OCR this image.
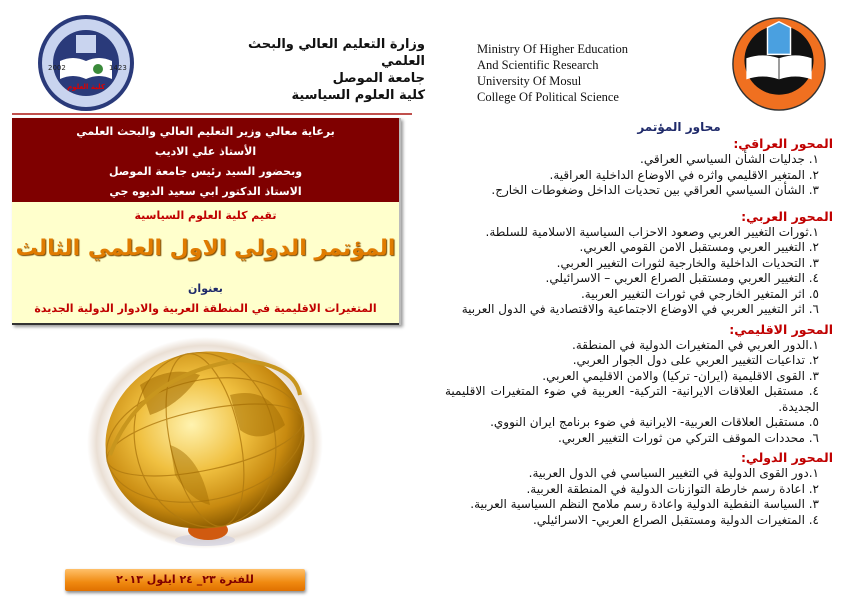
2002	1423
كلية العلوم
وزارة التعليم العالي والبحث العلمي
جامعة الموصل
كلية العلوم السياسية
Ministry Of Higher Education
And Scientific Research
University Of Mosul
College Of Political Science
برعاية معالي وزير التعليم العالي والبحث العلمي
الأستاذ علي الاديب
وبحضور السيد رئيس جامعة الموصل
الاستاذ الدكتور ابي سعيد الديوه جي
تقيم كلية العلوم السياسية
المؤتمر الدولي الاول العلمي الثالث
بعنوان
المتغيرات الاقليمية في المنطقة العربية والادوار الدولية الجديدة
للفترة ٢٣_ ٢٤ ايلول ٢٠١٣
محاور المؤتمر
المحور العراقي:
١. جدليات الشأن السياسي العراقي.
٢. المتغير الاقليمي واثره في الاوضاع الداخلية العراقية.
٣. الشأن السياسي العراقي بين تحديات الداخل وضغوطات الخارج.
المحور العربي:
١.ثورات التغيير العربي وصعود الاحزاب السياسية الاسلامية للسلطة.
٢. التغيير العربي ومستقبل الامن القومي العربي.
٣. التحديات الداخلية والخارجية لثورات التغيير العربي.
٤. التغيير العربي ومستقبل الصراع العربي – الاسرائيلي.
٥. اثر المتغير الخارجي في ثورات التغيير العربية.
٦. اثر التغيير العربي في الاوضاع الاجتماعية والاقتصادية في الدول العربية
المحور الاقليمي:
١.الدور العربي في المتغيرات الدولية في المنطقة.
٢. تداعيات التغيير العربي على دول الجوار العربي.
٣. القوى الاقليمية (ايران- تركيا) والامن الاقليمي العربي.
٤. مستقبل العلاقات الايرانية- التركية- العربية في ضوء المتغيرات الاقليمية الجديدة.
٥. مستقبل العلاقات العربية- الايرانية في ضوء برنامج ايران النووي.
٦. محددات الموقف التركي من ثورات التغيير العربي.
المحور الدولي:
١.دور القوى الدولية في التغيير السياسي في الدول العربية.
٢. اعادة رسم خارطة التوازنات الدولية في المنطقة العربية.
٣. السياسة النفطية الدولية واعادة رسم ملامح النظم السياسية العربية.
٤. المتغيرات الدولية ومستقبل الصراع العربي- الاسرائيلي.
